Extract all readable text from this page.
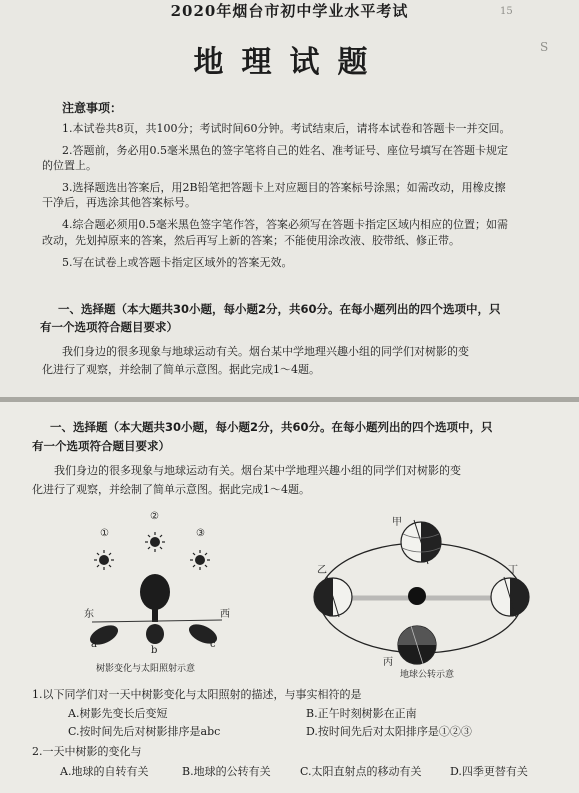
15
S
2020年烟台市初中学业水平考试
地理试题
注意事项：
1.本试卷共8页，共100分；考试时间60分钟。考试结束后，请将本试卷和答题卡一并交回。
2.答题前，务必用0.5毫米黑色的签字笔将自己的姓名、准考证号、座位号填写在答题卡规定
的位置上。
3.选择题选出答案后，用2B铅笔把答题卡上对应题目的答案标号涂黑；如需改动，用橡皮擦
干净后，再选涂其他答案标号。
4.综合题必须用0.5毫米黑色签字笔作答，答案必须写在答题卡指定区域内相应的位置；如需
改动，先划掉原来的答案，然后再写上新的答案；不能使用涂改液、胶带纸、修正带。
5.写在试卷上或答题卡指定区域外的答案无效。
一、选择题（本大题共30小题，每小题2分，共60分。在每小题列出的四个选项中，只
有一个选项符合题目要求）
我们身边的很多现象与地球运动有关。烟台某中学地理兴趣小组的同学们对树影的变
化进行了观察，并绘制了简单示意图。据此完成1～4题。
一、选择题（本大题共30小题，每小题2分，共60分。在每小题列出的四个选项中，只
有一个选项符合题目要求）
我们身边的很多现象与地球运动有关。烟台某中学地理兴趣小组的同学们对树影的变
化进行了观察，并绘制了简单示意图。据此完成1～4题。
①
②
③
东	西
a
b
c
树影变化与太阳照射示意
甲
乙
丙
丁
地球公转示意
1.以下同学们对一天中树影变化与太阳照射的描述，与事实相符的是
A.树影先变长后变短	B.正午时刻树影在正南
C.按时间先后对树影排序是abc	D.按时间先后对太阳排序是①②③
2.一天中树影的变化与
A.地球的自转有关	B.地球的公转有关	C.太阳直射点的移动有关	D.四季更替有关
